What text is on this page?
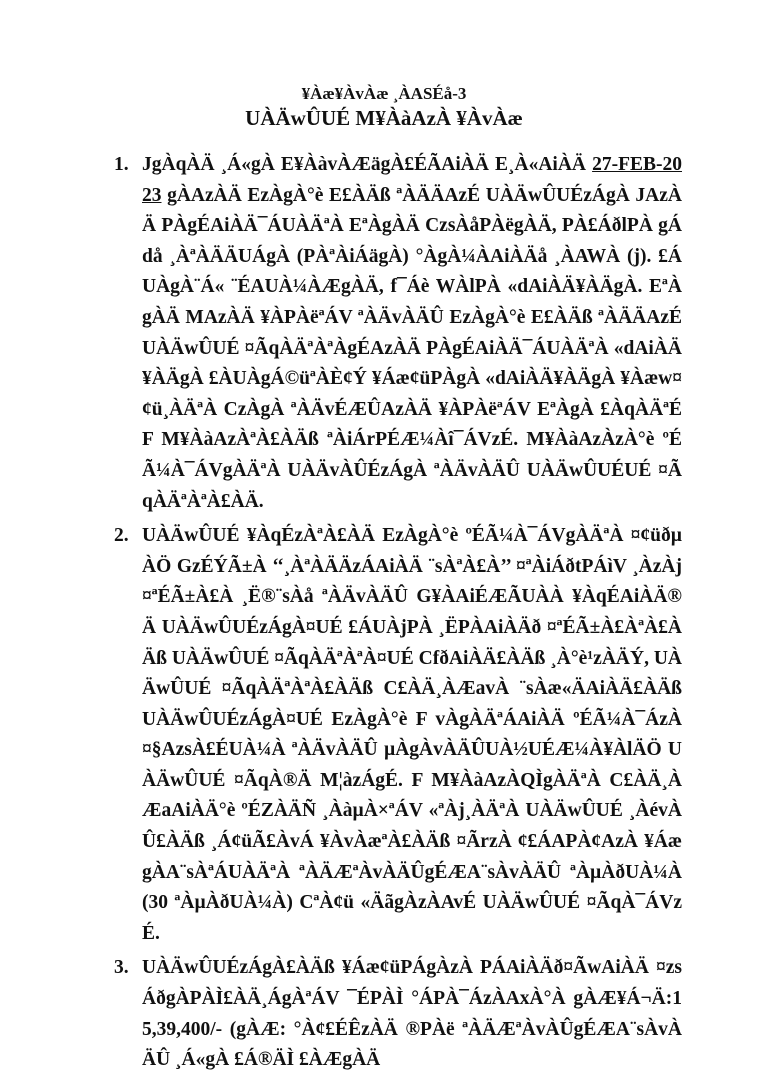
¥Àæ¥ÀvÀæ ¸ÀASÉå-3
UÀÄwÛUÉ M¥ÀàAzÀ ¥ÀvÀæ
1. JgÀqÀÄ ¸Á«gÀ E¥ÀàvÀÆägÀ£ÉÃAiÀÄ E¸À«AiÀÄ 27-FEB-2023 gÀAzÀÄ EzÀgÀ°è E£ÀÄß ªÀÄÄAzÉ UÀÄwÛUÉzÁgÀ JAzÀÄ PÀgÉAiÀÄ¯ÁUÀÄªÀ EªÀgÀÄ CzsÀåPÀëgÀÄ, PÀ£ÁðlPÀ gÁdå ¸ÀªÀÄÄUÁgÀ (PÀªÀiÁägÀ) °ÀgÀ¼ÀAiÀÄå ¸ÀAWÀ (j). £ÁUÀgÀ¨Á« ¨ÉAUÀ¼ÀÆgÀÄ, f¯Áè WÀlPÀ «dAiÀÄ¥ÀÄgÀ. EªÀgÀÄ MAzÀÄ ¥ÀPÀëªÁV ªÀÄvÀÄÛ EzÀgÀ°è E£ÀÄß ªÀÄÄAzÉ UÀÄwÛUÉ ¤ÃqÀÄªÀªÀgÉAzÀÄ PÀgÉAiÀÄ¯ÁUÀÄªÀ «dAiÀÄ¥ÀÄgÀ £ÀUÀgÁ©üªÀÈ¢Ý ¥Áæ¢üPÀgÀ «dAiÀÄ¥ÀÄgÀ ¥Àæw¤¢ü¸ÀÄªÀ CzÀgÀ ªÀÄvÉÆÛAzÀÄ ¥ÀPÀëªÁV EªÀgÀ £ÀqÀÄªÉ F M¥ÀàAzÀªÀ£ÀÄß ªÀiÁrPÉÆ¼Àî¯ÁVzÉ. M¥ÀàAzÀzÀ°è ºÉÃ¼À¯ÁVgÀÄªÀ UÀÄvÀÛÉzÁgÀ ªÀÄvÀÄÛ UÀÄwÛUÉUÉ ¤ÃqÀÄªÀªÀ£ÀÄ.
2. UÀÄwÛUÉ ¥ÀqÉzÀªÀ£ÀÄ EzÀgÀ°è ºÉÃ¼À¯ÁVgÀÄªÀ ¤¢üðµÀÖ GzÉÝÃ±À ‘‘¸ÀªÀÄÄzÁAiÀÄ ¨sÀªÀ£À’’ ¤ªÀiÁðtPÁìV ¸ÀzÀj ¤ªÉÃ±À£À ¸Ë®¨sÀå ªÀÄvÀÄÛ G¥ÀAiÉÆÃUÀÀ ¥ÀqÉAiÀÄ®Ä UÀÄwÛUÉzÁgÀ¤UÉ £ÁUÀjPÀ ¸ËPÀAiÀÄð ¤ªÉÃ±À£ÀªÀ£ÀÄß UÀÄwÛUÉ ¤ÃqÀÄªÀªÀ¤UÉ CfðAiÀÄ£ÀÄß ¸À°è¹zÀÄÝ, UÀÄwÛUÉ ¤ÃqÀÄªÀªÀ£ÀÄß C£ÀÄ¸ÀÆavÀ ¨sÀæ«ÄAiÀÄ£ÀÄß UÀÄwÛUÉzÁgÀ¤UÉ EzÀgÀ°è F vÀgÀÄªÁAiÀÄ ºÉÃ¼À¯ÁzÀ ¤§AzsÀ£ÉUÀ¼À ªÀÄvÀÄÛ µÀgÀvÀÄÛUÀ½UÉÆ¼À¥ÀlÄÖ UÀÄwÛUÉ ¤ÃqÀ®Ä M¦àzÁgÉ. F M¥ÀàAzÀQÌgÀÄªÀ C£ÀÄ¸ÀÆaAiÀÄ°è ºÉZÀÄÑ ¸ÀàµÀ×ªÁV «ªÀj¸ÀÄªÀ UÀÄwÛUÉ ¸ÀévÀÛ£ÀÄß ¸Á¢üÃ£ÀvÁ ¥ÀvÀæªÀ£ÀÄß ¤ÃrzÀ ¢£ÁAPÀ¢AzÀ ¥ÁægÀA¨sÀªÁUÀÄªÀ ªÀÄÆªÀvÀÄÛgÉÆA¨sÀvÀÄÛ ªÀµÀðUÀ¼À (30 ªÀµÀðUÀ¼À) CªÀ¢ü «ÄãgÀzÀAvÉ UÀÄwÛUÉ ¤ÃqÀ¯ÁVzÉ.
3. UÀÄwÛUÉzÁgÀ£ÀÄß ¥Áæ¢üPÁgÀzÀ PÁAiÀÄð¤ÃwAiÀÄ ¤zsÁðgÀPÀÌ£ÀÄ¸ÁgÀªÁV ¯ÉPÀÌ °ÁPÀ¯ÁzÀAxÀ°À gÀÆ¥Á¬Ä:15,39,400/- (gÀÆ: °À¢£ÉÊzÀÄ ®PÀë ªÀÄÆªÀvÀÛgÉÆA¨sÀvÀÄÛ ¸Á«gÀ £Á®ÄÌ £ÀÆgÀÄ
